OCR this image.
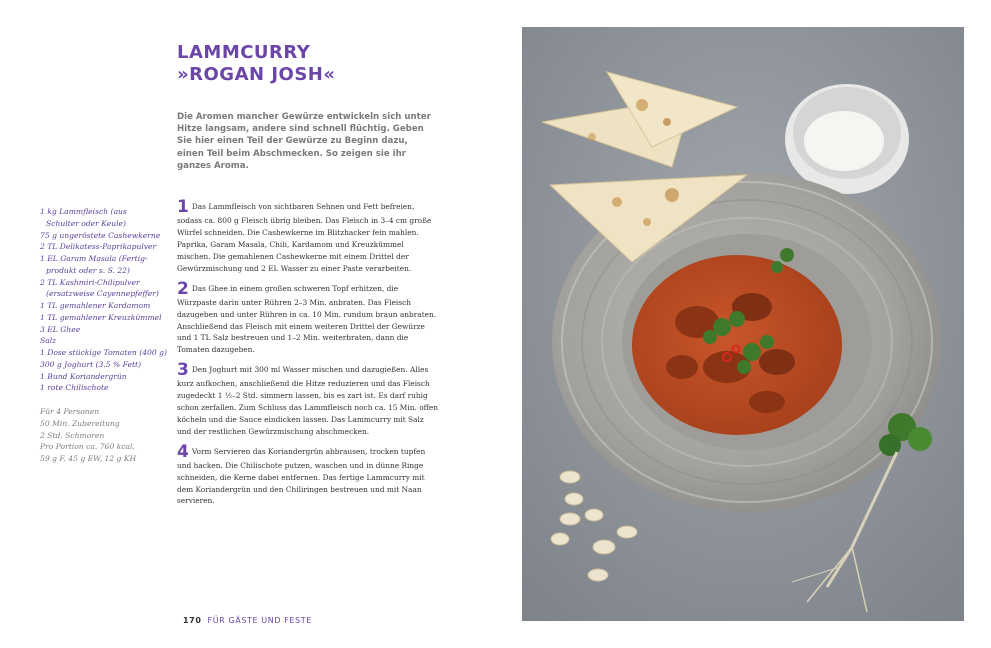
LAMMCURRY
»ROGAN JOSH«
Die Aromen mancher Gewürze entwickeln sich unter Hitze langsam, andere sind schnell flüchtig. Geben Sie hier einen Teil der Gewürze zu Beginn dazu, einen Teil beim Abschmecken. So zeigen sie ihr ganzes Aroma.
1 kg Lammfleisch (aus
Schulter oder Keule)
75 g ungeröstete Cashewkerne
2 TL Delikatess-Paprikapulver
1 EL Garam Masala (Fertig-
produkt oder s. S. 22)
2 TL Kashmiri-Chilipulver
(ersatzweise Cayennepfeffer)
1 TL gemahlener Kardamom
1 TL gemahlener Kreuzkümmel
3 EL Ghee
Salz
1 Dose stückige Tomaten (400 g)
300 g Joghurt (3.5 % Fett)
1 Bund Koriandergrün
1 rote Chilischote
Für 4 Personen
50 Min. Zubereitung
2 Std. Schmoren
Pro Portion ca. 760 kcal,
59 g F, 45 g EW, 12 g KH
1 Das Lammfleisch von sichtbaren Sehnen und Fett befreien, sodass ca. 800 g Fleisch übrig bleiben. Das Fleisch in 3–4 cm große Würfel schneiden. Die Cashewkerne im Blitzhacker fein mahlen. Paprika, Garam Masala, Chili, Kardamom und Kreuzkümmel mischen. Die gemahlenen Cashewkerne mit einem Drittel der Gewürzmischung und 2 EL Wasser zu einer Paste verarbeiten.
2 Das Ghee in einem großen schweren Topf erhitzen, die Würzpaste darin unter Rühren 2–3 Min. anbraten. Das Fleisch dazugeben und unter Rühren in ca. 10 Min. rundum braun anbraten. Anschließend das Fleisch mit einem weiteren Drittel der Gewürze und 1 TL Salz bestreuen und 1–2 Min. weiterbraten, dann die Tomaten dazugeben.
3 Den Joghurt mit 300 ml Wasser mischen und dazugießen. Alles kurz aufkochen, anschließend die Hitze reduzieren und das Fleisch zugedeckt 1 ½–2 Std. simmern lassen, bis es zart ist. Es darf ruhig schon zerfallen. Zum Schluss das Lammfleisch noch ca. 15 Min. offen köcheln und die Sauce eindicken lassen. Das Lammcurry mit Salz und der restlichen Gewürzmischung abschmecken.
4 Vorm Servieren das Koriandergrün abbrausen, trocken tupfen und hacken. Die Chilischote putzen, waschen und in dünne Ringe schneiden, die Kerne dabei entfernen. Das fertige Lammcurry mit dem Koriandergrün und den Chiliringen bestreuen und mit Naan servieren.
170 FÜR GÄSTE UND FESTE
